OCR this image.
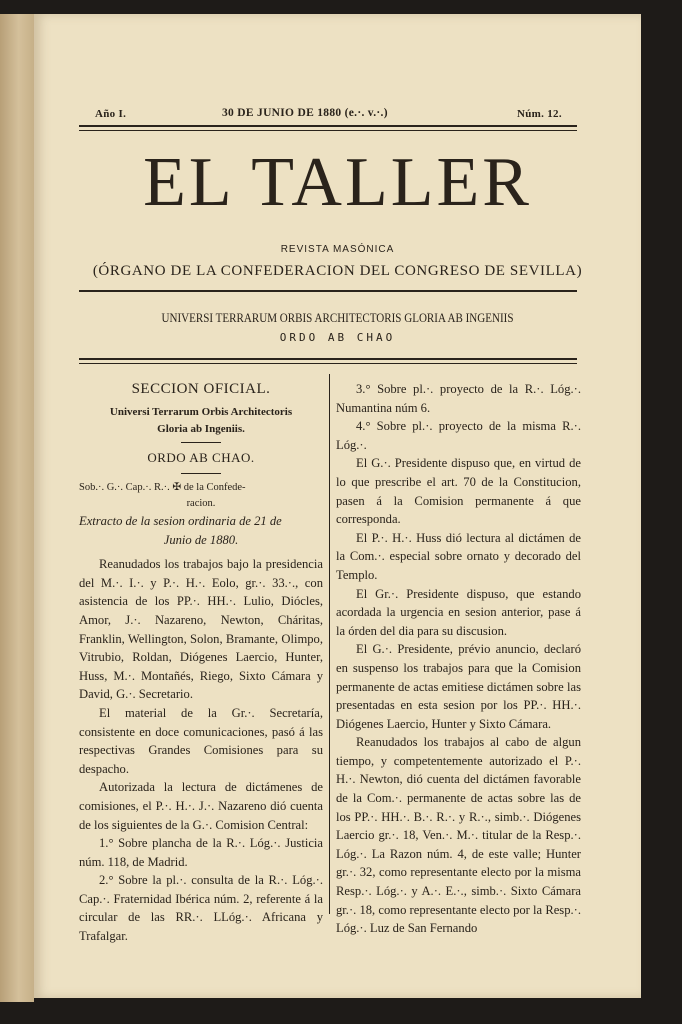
Año I.	30 DE JUNIO DE 1880 (e.·. v.·.)	Núm. 12.
EL TALLER
REVISTA MASÓNICA
(ÓRGANO DE LA CONFEDERACION DEL CONGRESO DE SEVILLA)
UNIVERSI TERRARUM ORBIS ARCHITECTORIS GLORIA AB INGENIIS
ORDO AB CHAO

SECCION OFICIAL.

Universi Terrarum Orbis Architectoris

Gloria ab Ingeniis.

ORDO AB CHAO.

Sob.·. G.·. Cap.·. R.·. ✠ de la Confede-

racion.

Extracto de la sesion ordinaria de 21 de

Junio de 1880.

Reanudados los trabajos bajo la presidencia del M.·. I.·. y P.·. H.·. Eolo, gr.·. 33.·., con asistencia de los PP.·. HH.·. Lulio, Diócles, Amor, J.·. Nazareno, Newton, Cháritas, Franklin, Wellington, Solon, Bramante, Olimpo, Vitrubio, Roldan, Diógenes Laercio, Hunter, Huss, M.·. Montañés, Riego, Sixto Cámara y David, G.·. Secretario.

El material de la Gr.·. Secretaría, consistente en doce comunicaciones, pasó á las respectivas Grandes Comisiones para su despacho.

Autorizada la lectura de dictámenes de comisiones, el P.·. H.·. J.·. Nazareno dió cuenta de los siguientes de la G.·. Comision Central:

1.° Sobre plancha de la R.·. Lóg.·. Justicia núm. 118, de Madrid.

2.° Sobre la pl.·. consulta de la R.·. Lóg.·. Cap.·. Fraternidad Ibérica núm. 2, referente á la circular de las RR.·. LLóg.·. Africana y Trafalgar.

3.° Sobre pl.·. proyecto de la R.·. Lóg.·. Numantina núm 6.

4.° Sobre pl.·. proyecto de la misma R.·. Lóg.·.

El G.·. Presidente dispuso que, en virtud de lo que prescribe el art. 70 de la Constitucion, pasen á la Comision permanente á que corresponda.

El P.·. H.·. Huss dió lectura al dictámen de la Com.·. especial sobre ornato y decorado del Templo.

El Gr.·. Presidente dispuso, que estando acordada la urgencia en sesion anterior, pase á la órden del dia para su discusion.

El G.·. Presidente, prévio anuncio, declaró en suspenso los trabajos para que la Comision permanente de actas emitiese dictámen sobre las presentadas en esta sesion por los PP.·. HH.·. Diógenes Laercio, Hunter y Sixto Cámara.

Reanudados los trabajos al cabo de algun tiempo, y competentemente autorizado el P.·. H.·. Newton, dió cuenta del dictámen favorable de la Com.·. permanente de actas sobre las de los PP.·. HH.·. B.·. R.·. y R.·., simb.·. Diógenes Laercio gr.·. 18, Ven.·. M.·. titular de la Resp.·. Lóg.·. La Razon núm. 4, de este valle; Hunter gr.·. 32, como representante electo por la misma Resp.·. Lóg.·. y A.·. E.·., simb.·. Sixto Cámara gr.·. 18, como representante electo por la Resp.·. Lóg.·. Luz de San Fernando
